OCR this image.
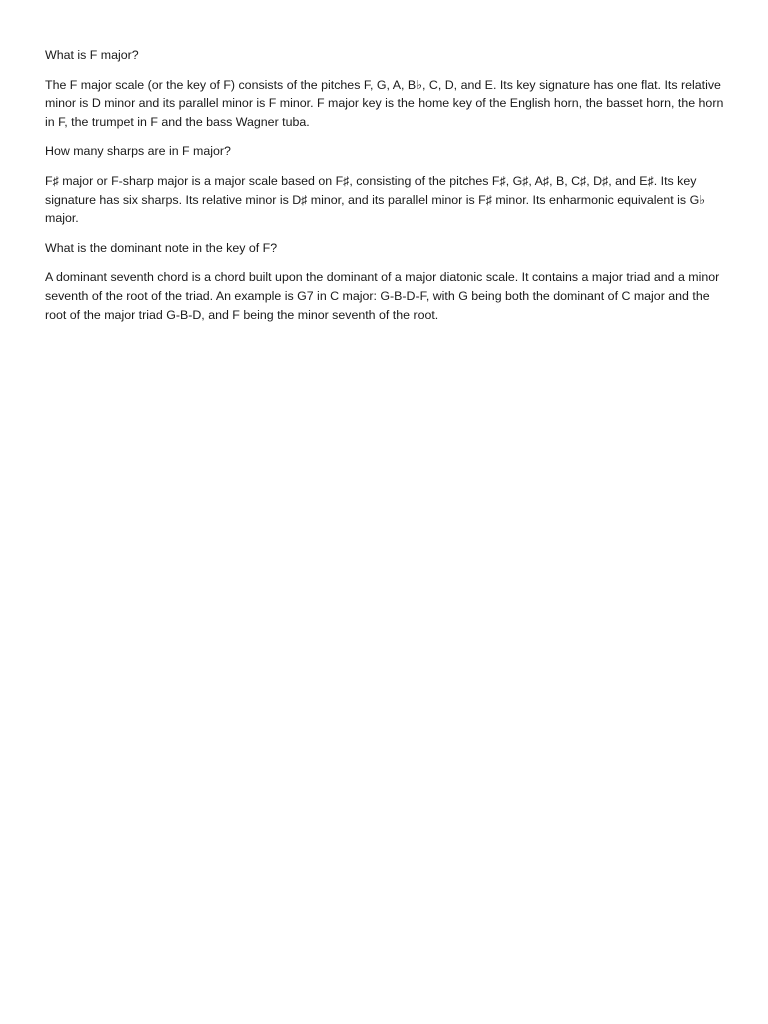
What is F major?

The F major scale (or the key of F) consists of the pitches F, G, A, B♭, C, D, and E. Its key signature has one flat. Its relative minor is D minor and its parallel minor is F minor. F major key is the home key of the English horn, the basset horn, the horn in F, the trumpet in F and the bass Wagner tuba.

How many sharps are in F major?

F♯ major or F-sharp major is a major scale based on F♯, consisting of the pitches F♯, G♯, A♯, B, C♯, D♯, and E♯. Its key signature has six sharps. Its relative minor is D♯ minor, and its parallel minor is F♯ minor. Its enharmonic equivalent is G♭ major.

What is the dominant note in the key of F?

A dominant seventh chord is a chord built upon the dominant of a major diatonic scale. It contains a major triad and a minor seventh of the root of the triad. An example is G7 in C major: G-B-D-F, with G being both the dominant of C major and the root of the major triad G-B-D, and F being the minor seventh of the root.
